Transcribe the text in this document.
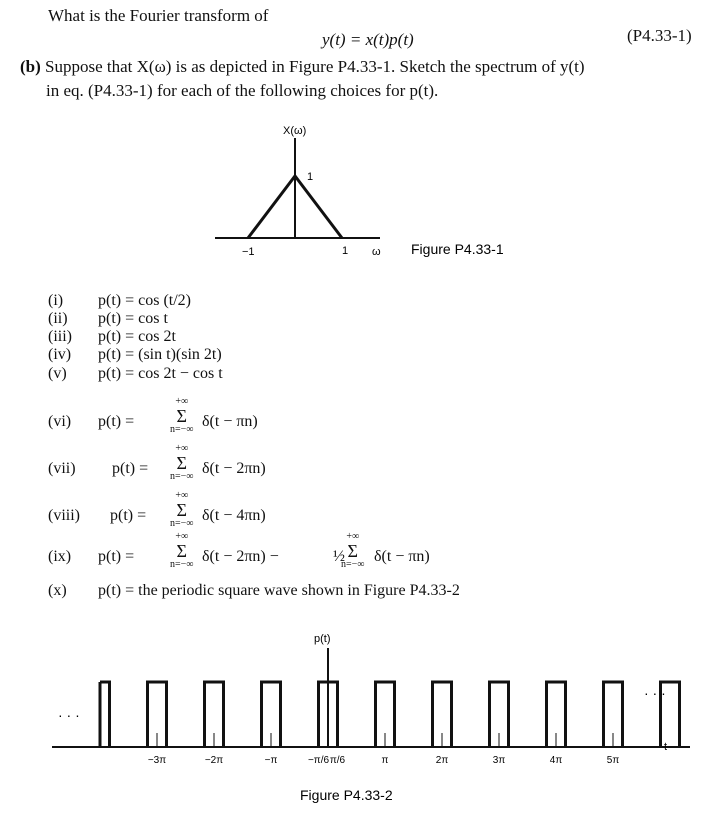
What is the Fourier transform of
y(t) = x(t)p(t)	(P4.33-1)
(b) Suppose that X(ω) is as depicted in Figure P4.33-1. Sketch the spectrum of y(t)
in eq. (P4.33-1) for each of the following choices for p(t).
X(ω)
1
−1	1 ω Figure P4.33-1
(i) p(t) = cos (t/2)
(ii) p(t) = cos t
(iii) p(t) = cos 2t
(iv) p(t) = (sin t)(sin 2t)
(v) p(t) = cos 2t − cos t
(vi) p(t) =
+∞
Σ
n=−∞ δ(t − πn)
(vii) p(t) =
+∞
Σ
n=−∞ δ(t − 2πn)
(viii) p(t) =
+∞
Σ
n=−∞ δ(t − 4πn)
(ix) p(t) =
+∞
Σ
n=−∞ δ(t − 2πn) −	½
+∞
Σ
n=−∞ δ(t − πn)
(x) p(t) = the periodic square wave shown in Figure P4.33-2
p(t)
· · ·
· · ·
t
−3π	−2π	−π	−π/6 π/6	π	2π	3π	4π	5π
Figure P4.33-2
